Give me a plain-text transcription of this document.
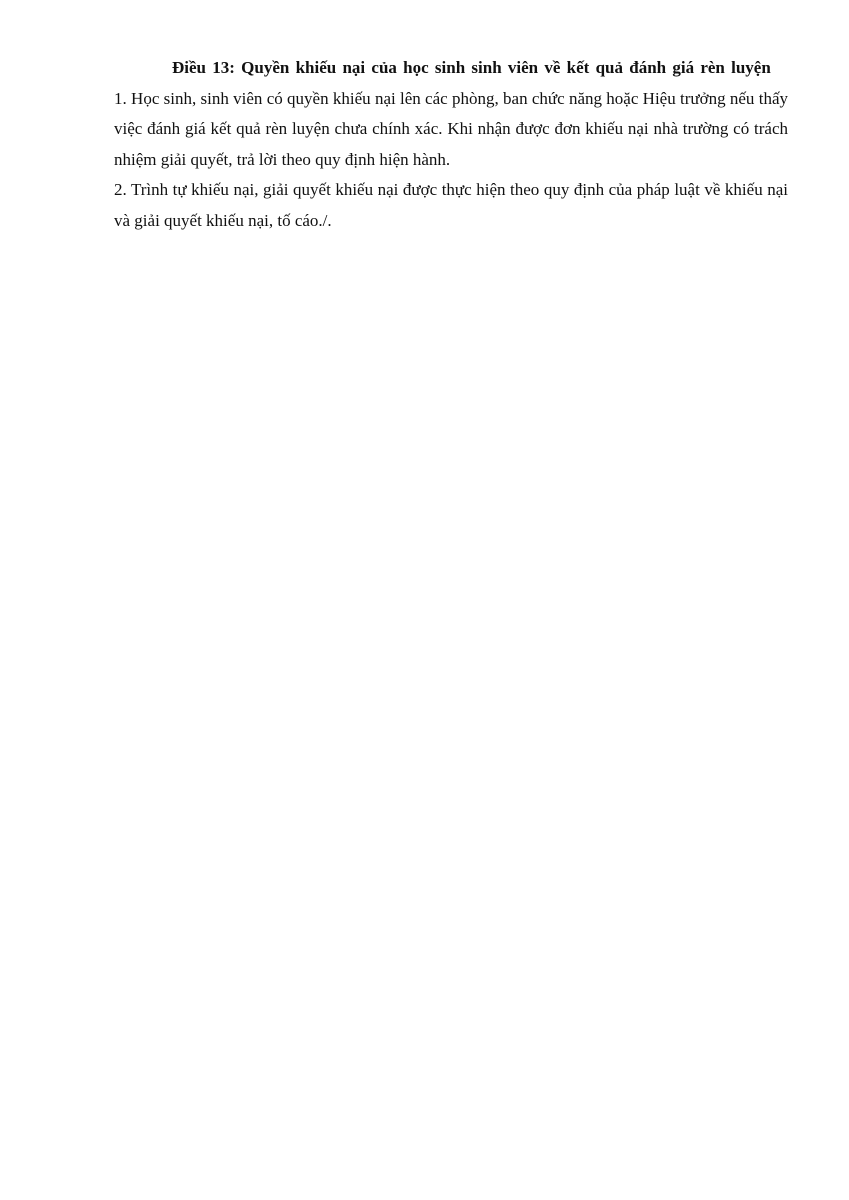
Điều 13: Quyền khiếu nại của học sinh sinh viên về kết quả đánh giá rèn luyện

1. Học sinh, sinh viên có quyền khiếu nại lên các phòng, ban chức năng hoặc Hiệu trưởng nếu thấy việc đánh giá kết quả rèn luyện chưa chính xác. Khi nhận được đơn khiếu nại nhà trường có trách nhiệm giải quyết, trả lời theo quy định hiện hành.

2. Trình tự khiếu nại, giải quyết khiếu nại được thực hiện theo quy định của pháp luật về khiếu nại và giải quyết khiếu nại, tố cáo./.
